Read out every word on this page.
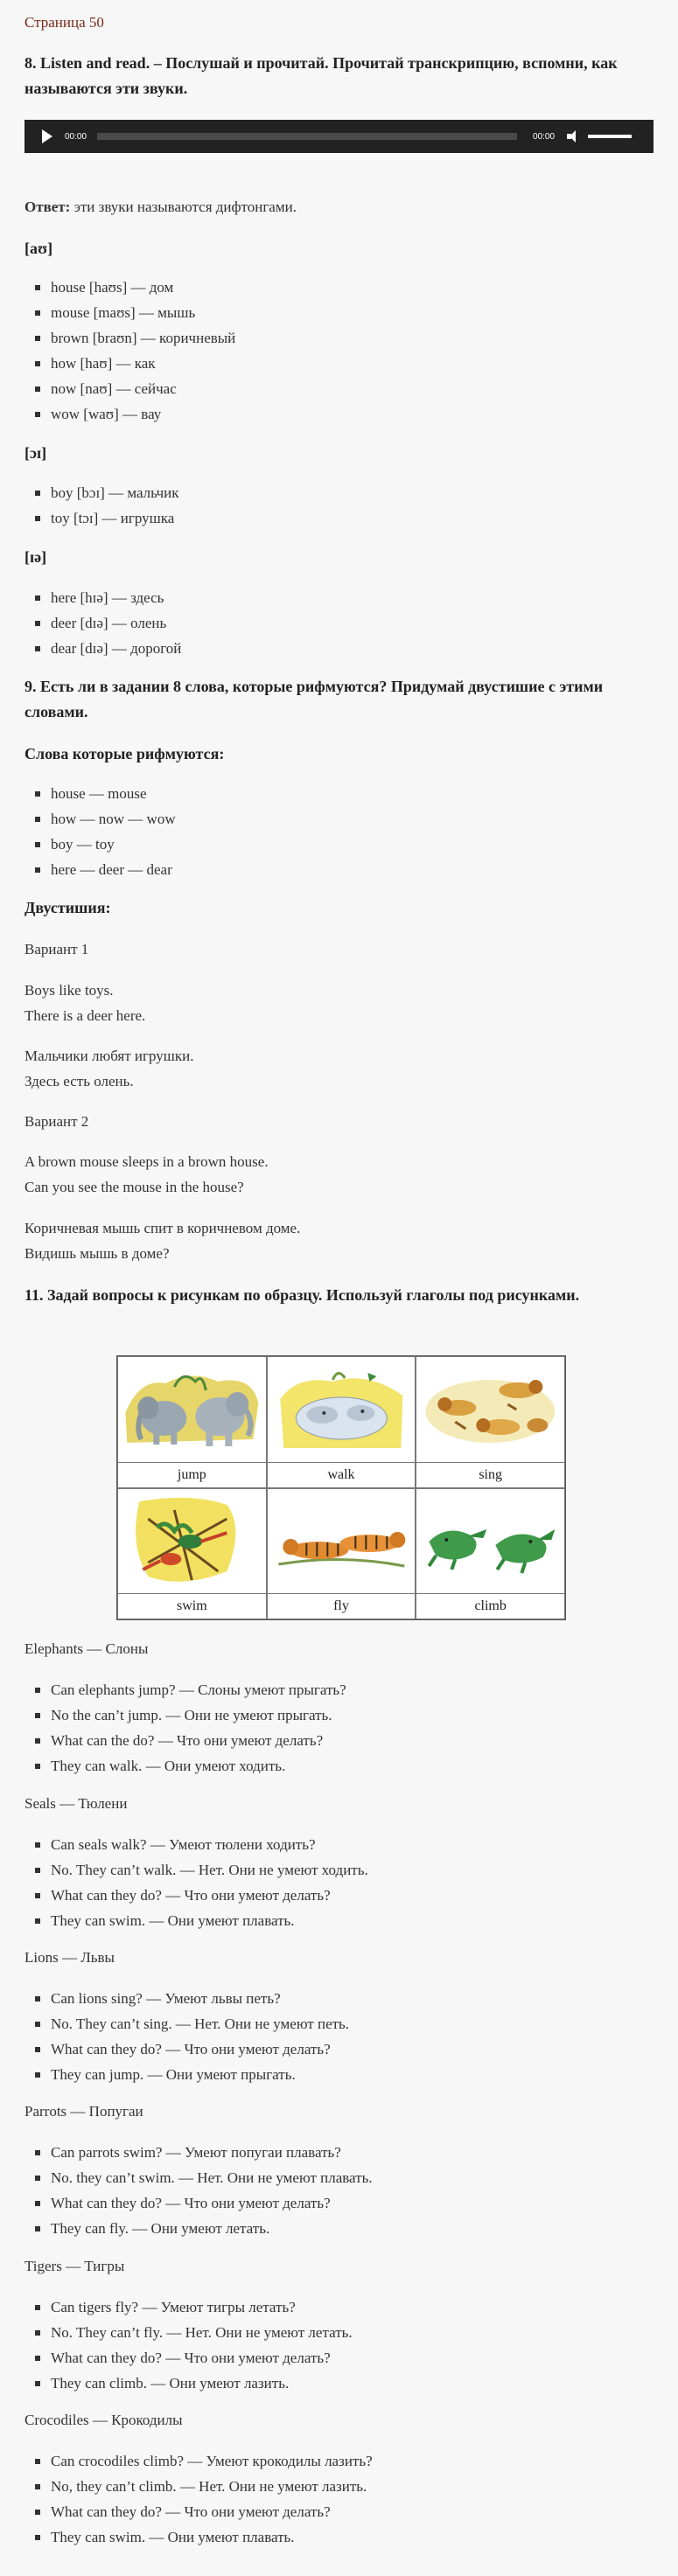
Страница 50
8. Listen and read. – Послушай и прочитай. Прочитай транскрипцию, вспомни, как называются эти звуки.
00:00	00:00
Ответ: эти звуки называются дифтонгами.
[aʊ]
house [haʊs] — дом
mouse [maʊs] — мышь
brown [braʊn] — коричневый
how [haʊ] — как
now [naʊ] — сейчас
wow [waʊ] — вау
[ɔɪ]
boy [bɔɪ] — мальчик
toy [tɔɪ] — игрушка
[ɪə]
here [hɪə] — здесь
deer [dɪə] — олень
dear [dɪə] — дорогой
9. Есть ли в задании 8 слова, которые рифмуются? Придумай двустишие с этими словами.
Слова которые рифмуются:
house — mouse
how — now — wow
boy — toy
here — deer — dear
Двустишия:
Вариант 1
Boys like toys.
There is a deer here.
Мальчики любят игрушки.
Здесь есть олень.
Вариант 2
A brown mouse sleeps in a brown house.
Can you see the mouse in the house?
Коричневая мышь спит в коричневом доме.
Видишь мышь в доме?
11. Задай вопросы к рисункам по образцу. Используй глаголы под рисунками.
jump	walk	sing
swim	fly	climb
Elephants — Слоны
Can elephants jump? — Слоны умеют прыгать?
No the can’t jump. — Они не умеют прыгать.
What can the do? — Что они умеют делать?
They can walk. — Они умеют ходить.
Seals — Тюлени
Can seals walk? — Умеют тюлени ходить?
No. They can’t walk. — Нет. Они не умеют ходить.
What can they do? — Что они умеют делать?
They can swim. — Они умеют плавать.
Lions — Львы
Can lions sing? — Умеют львы петь?
No. They can’t sing. — Нет. Они не умеют петь.
What can they do? — Что они умеют делать?
They can jump. — Они умеют прыгать.
Parrots — Попугаи
Can parrots swim? — Умеют попугаи плавать?
No. they can’t swim. — Нет. Они не умеют плавать.
What can they do? — Что они умеют делать?
They can fly. — Они умеют летать.
Tigers — Тигры
Can tigers fly? — Умеют тигры летать?
No. They can’t fly. — Нет. Они не умеют летать.
What can they do? — Что они умеют делать?
They can climb. — Они умеют лазить.
Crocodiles — Крокодилы
Can crocodiles climb? — Умеют крокодилы лазить?
No, they can’t climb. — Нет. Они не умеют лазить.
What can they do? — Что они умеют делать?
They can swim. — Они умеют плавать.
